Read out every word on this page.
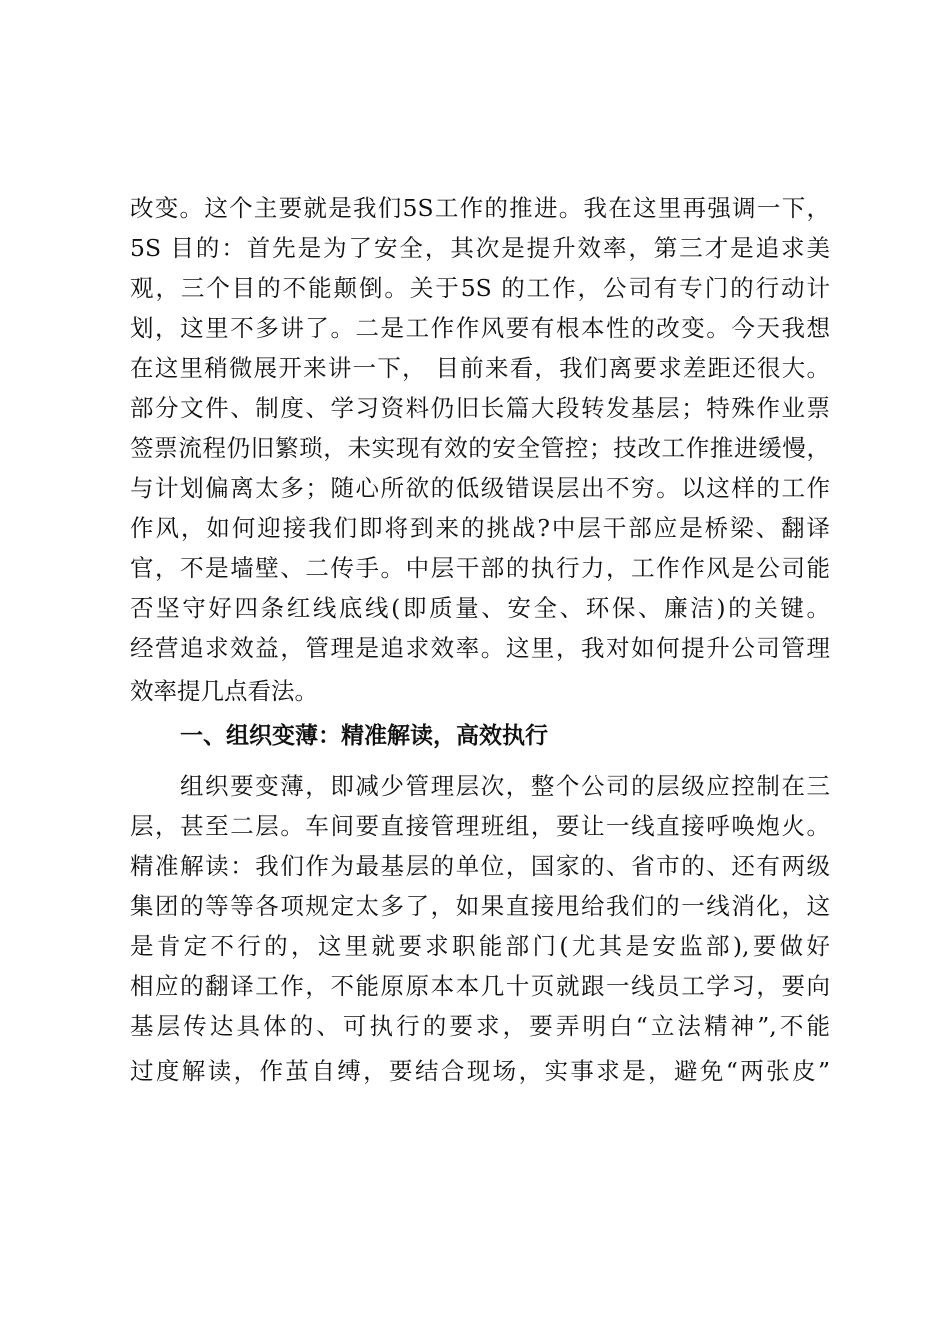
改变。这个主要就是我们5S工作的推进。我在这里再强调一下，
5S 目的：首先是为了安全，其次是提升效率，第三才是追求美
观，三个目的不能颠倒。关于5S 的工作，公司有专门的行动计
划，这里不多讲了。二是工作作风要有根本性的改变。今天我想
在这里稍微展开来讲一下， 目前来看，我们离要求差距还很大。
部分文件、制度、学习资料仍旧长篇大段转发基层；特殊作业票
签票流程仍旧繁琐，未实现有效的安全管控；技改工作推进缓慢，
与计划偏离太多；随心所欲的低级错误层出不穷。以这样的工作
作风，如何迎接我们即将到来的挑战?中层干部应是桥梁、翻译
官，不是墙壁、二传手。中层干部的执行力，工作作风是公司能
否坚守好四条红线底线(即质量、安全、环保、廉洁)的关键。
经营追求效益，管理是追求效率。这里，我对如何提升公司管理
效率提几点看法。
一、组织变薄：精准解读，高效执行
组织要变薄，即减少管理层次，整个公司的层级应控制在三
层，甚至二层。车间要直接管理班组，要让一线直接呼唤炮火。
精准解读：我们作为最基层的单位，国家的、省市的、还有两级
集团的等等各项规定太多了，如果直接甩给我们的一线消化，这
是肯定不行的，这里就要求职能部门(尤其是安监部),要做好
相应的翻译工作，不能原原本本几十页就跟一线员工学习，要向
基层传达具体的、可执行的要求，要弄明白“立法精神”,不能
过度解读，作茧自缚，要结合现场，实事求是，避免“两张皮”
